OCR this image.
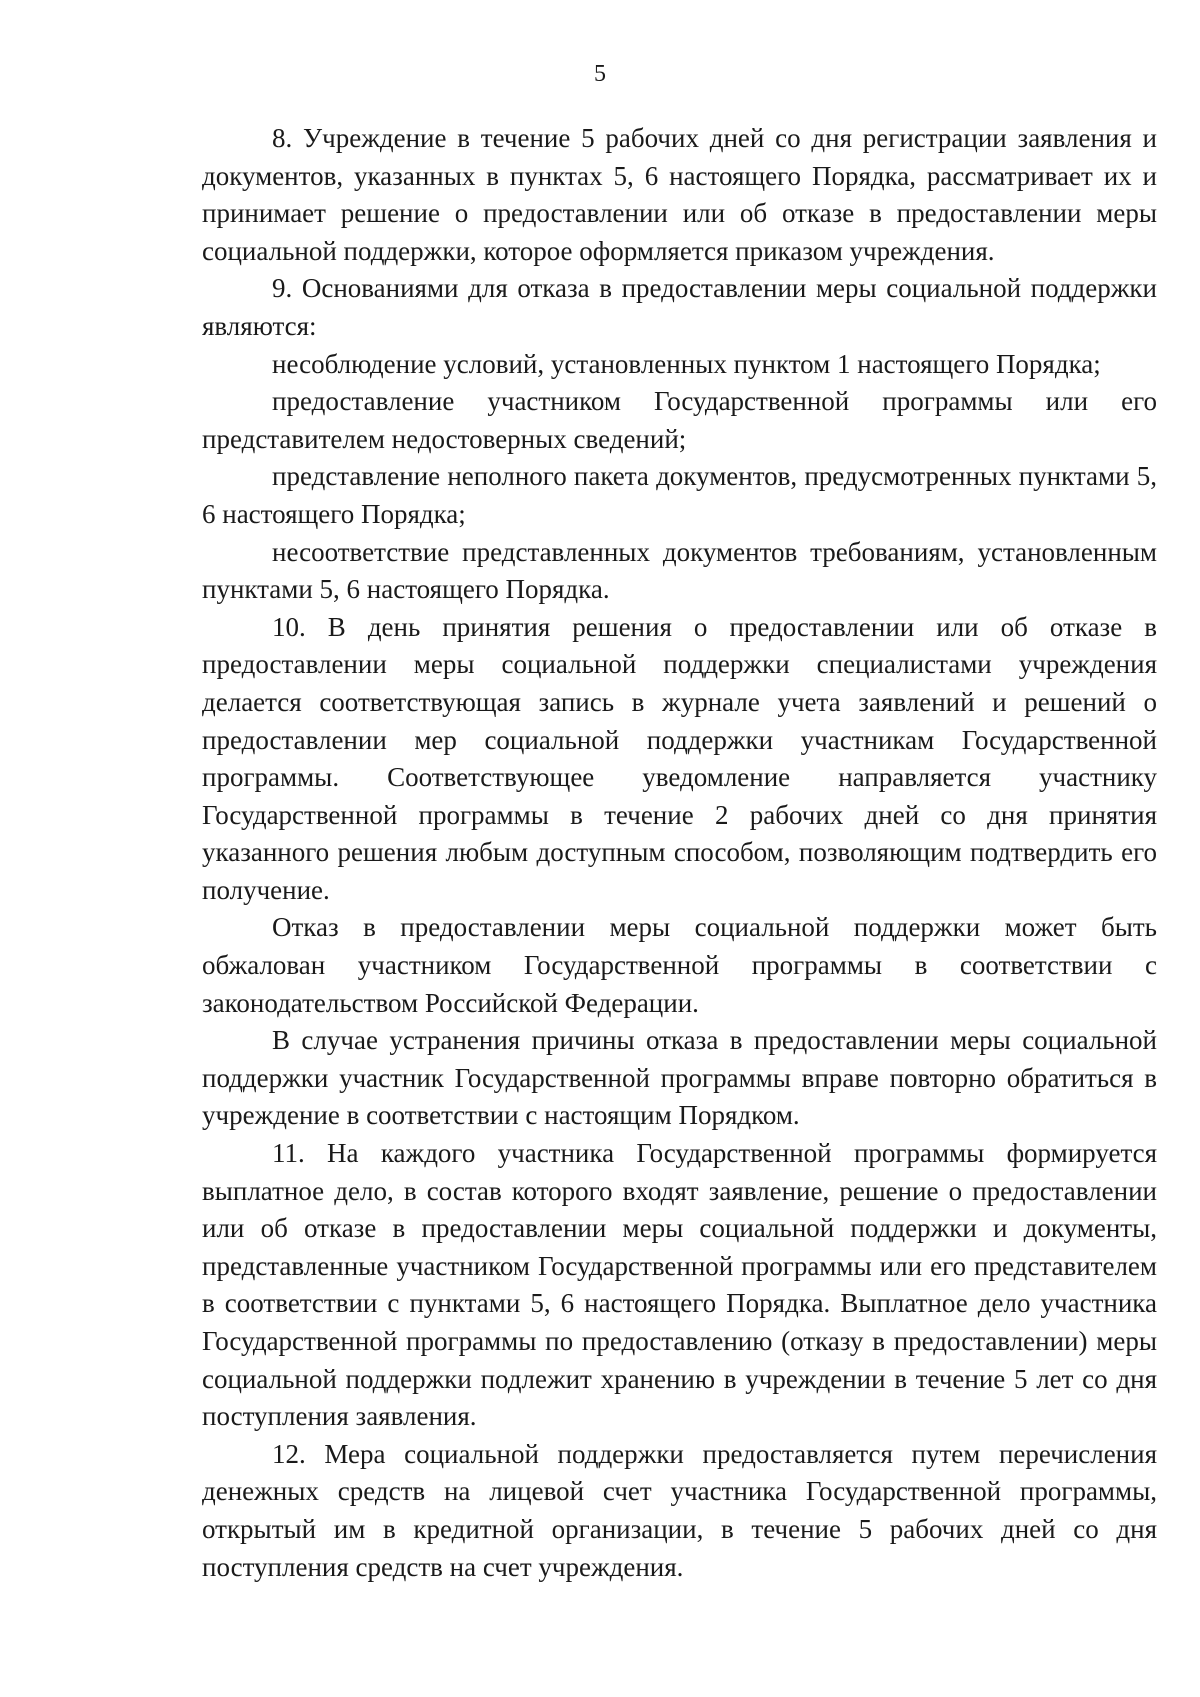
5

8. Учреждение в течение 5 рабочих дней со дня регистрации заявления и документов, указанных в пунктах 5, 6 настоящего Порядка, рассматривает их и принимает решение о предоставлении или об отказе в предоставлении меры социальной поддержки, которое оформляется приказом учреждения.

9. Основаниями для отказа в предоставлении меры социальной поддержки являются:

несоблюдение условий, установленных пунктом 1 настоящего Порядка;

предоставление участником Государственной программы или его представителем недостоверных сведений;

представление неполного пакета документов, предусмотренных пунктами 5, 6 настоящего Порядка;

несоответствие представленных документов требованиям, установленным пунктами 5, 6 настоящего Порядка.

10. В день принятия решения о предоставлении или об отказе в предоставлении меры социальной поддержки специалистами учреждения делается соответствующая запись в журнале учета заявлений и решений о предоставлении мер социальной поддержки участникам Государственной программы. Соответствующее уведомление направляется участнику Государственной программы в течение 2 рабочих дней со дня принятия указанного решения любым доступным способом, позволяющим подтвердить его получение.

Отказ в предоставлении меры социальной поддержки может быть обжалован участником Государственной программы в соответствии с законодательством Российской Федерации.

В случае устранения причины отказа в предоставлении меры социальной поддержки участник Государственной программы вправе повторно обратиться в учреждение в соответствии с настоящим Порядком.

11. На каждого участника Государственной программы формируется выплатное дело, в состав которого входят заявление, решение о предоставлении или об отказе в предоставлении меры социальной поддержки и документы, представленные участником Государственной программы или его представителем в соответствии с пунктами 5, 6 настоящего Порядка. Выплатное дело участника Государственной программы по предоставлению (отказу в предоставлении) меры социальной поддержки подлежит хранению в учреждении в течение 5 лет со дня поступления заявления.

12. Мера социальной поддержки предоставляется путем перечисления денежных средств на лицевой счет участника Государственной программы, открытый им в кредитной организации, в течение 5 рабочих дней со дня поступления средств на счет учреждения.
